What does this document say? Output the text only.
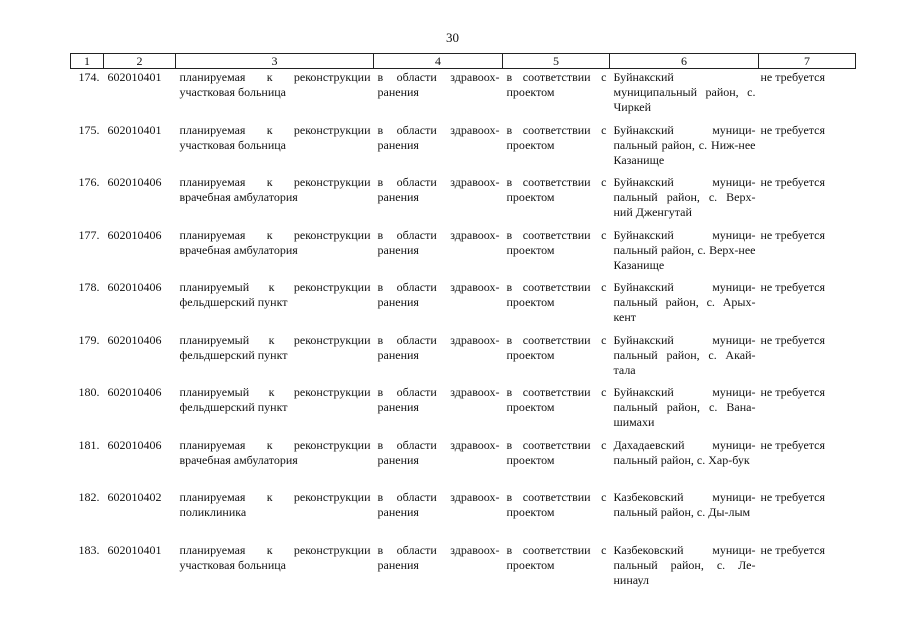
30
1	2	3	4	5	6	7
174.	602010401	планируемая к реконструкции участковая больница	в области здравоох-ранения	в соответствии с проектом	Буйнакский муниципальный район, с. Чиркей	не требуется
175.	602010401	планируемая к реконструкции участковая больница	в области здравоох-ранения	в соответствии с проектом	Буйнакский муници-пальный район, с. Ниж-нее Казанище	не требуется
176.	602010406	планируемая к реконструкции врачебная амбулатория	в области здравоох-ранения	в соответствии с проектом	Буйнакский муници-пальный район, с. Верх-ний Дженгутай	не требуется
177.	602010406	планируемая к реконструкции врачебная амбулатория	в области здравоох-ранения	в соответствии с проектом	Буйнакский муници-пальный район, с. Верх-нее Казанище	не требуется
178.	602010406	планируемый к реконструкции фельдшерский пункт	в области здравоох-ранения	в соответствии с проектом	Буйнакский муници-пальный район, с. Арых-кент	не требуется
179.	602010406	планируемый к реконструкции фельдшерский пункт	в области здравоох-ранения	в соответствии с проектом	Буйнакский муници-пальный район, с. Акай-тала	не требуется
180.	602010406	планируемый к реконструкции фельдшерский пункт	в области здравоох-ранения	в соответствии с проектом	Буйнакский муници-пальный район, с. Вана-шимахи	не требуется
181.	602010406	планируемая к реконструкции врачебная амбулатория	в области здравоох-ранения	в соответствии с проектом	Дахадаевский муници-пальный район, с. Хар-бук	не требуется
182.	602010402	планируемая к реконструкции поликлиника	в области здравоох-ранения	в соответствии с проектом	Казбековский муници-пальный район, с. Ды-лым	не требуется
183.	602010401	планируемая к реконструкции участковая больница	в области здравоох-ранения	в соответствии с проектом	Казбековский муници-пальный район, с. Ле-нинаул	не требуется
